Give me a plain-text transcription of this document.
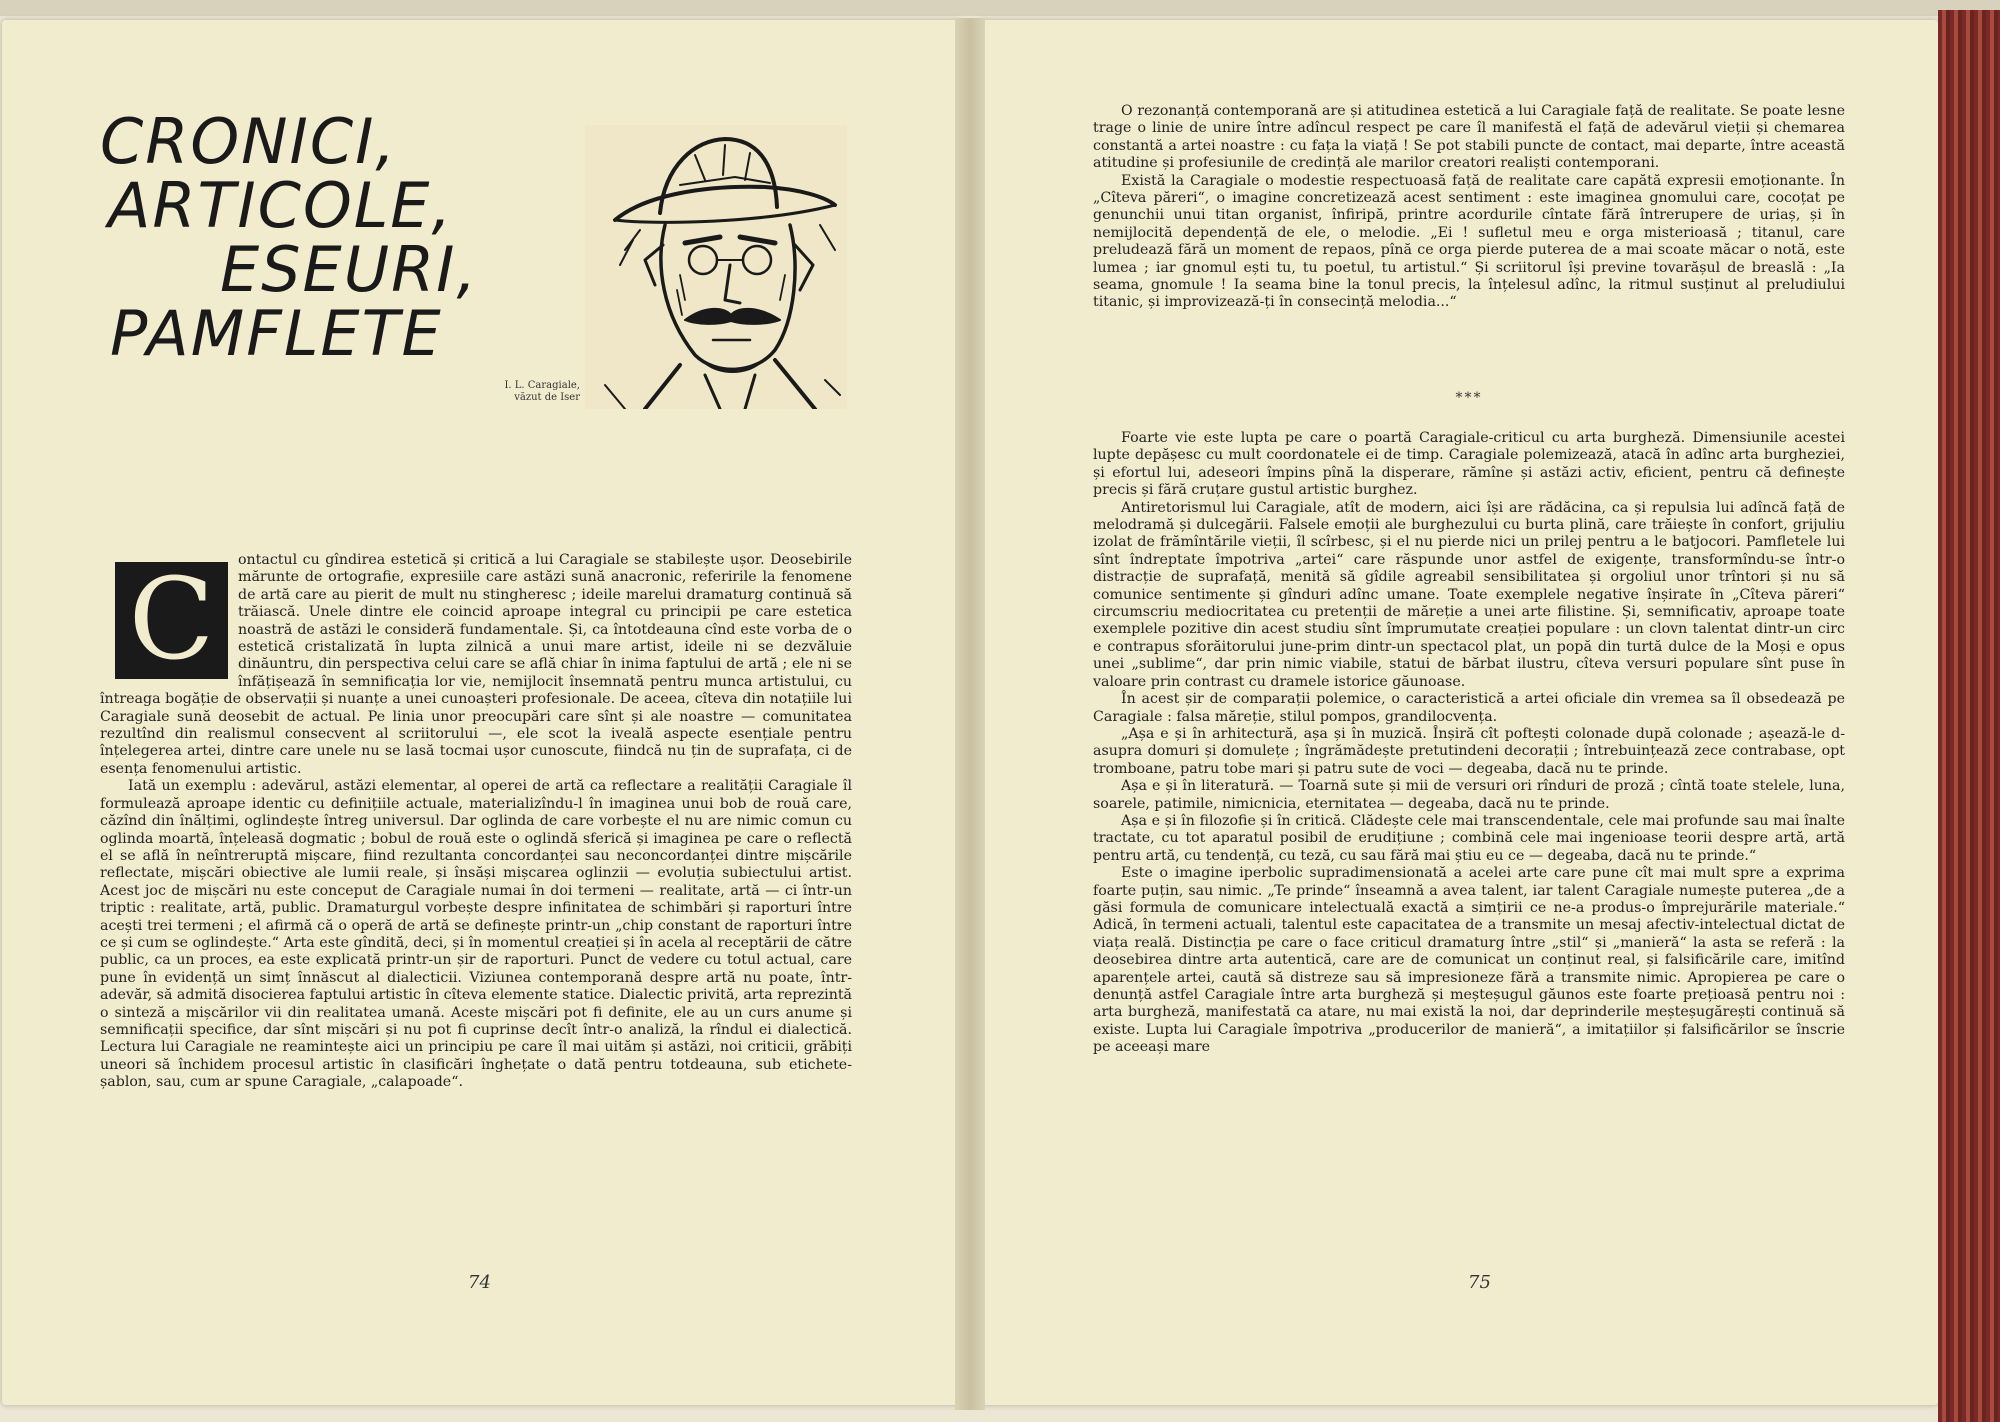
CRONICI,
ARTICOLE,
ESEURI,
PAMFLETE
I. L. Caragiale,
văzut de Iser
C	ontactul cu gîndirea estetică și critică a lui Caragiale se stabilește ușor. Deosebirile mărunte de ortografie, expresiile care astăzi sună anacronic, referirile la fenomene de artă care au pierit de mult nu stingheresc ; ideile marelui dramaturg continuă să trăiască. Unele dintre ele coincid aproape integral cu principii pe care estetica noastră de astăzi le consideră fundamentale. Și, ca întotdeauna cînd este vorba de o estetică cristalizată în lupta zilnică a unui mare artist, ideile ni se dezvăluie dinăuntru, din perspectiva celui care se află chiar în inima faptului de artă ; ele ni se înfățișează în semnificația lor vie, nemijlocit însemnată pentru munca artistului, cu întreaga bogăție de observații și nuanțe a unei cunoașteri profesionale. De aceea, cîteva din notațiile lui Caragiale sună deosebit de actual. Pe linia unor preocupări care sînt și ale noastre — comunitatea rezultînd din realismul consecvent al scriitorului —, ele scot la iveală aspecte esențiale pentru înțelegerea artei, dintre care unele nu se lasă tocmai ușor cunoscute, fiindcă nu țin de suprafața, ci de esența fenomenului artistic.

Iată un exemplu : adevărul, astăzi elementar, al operei de artă ca reflectare a realității Caragiale îl formulează aproape identic cu definițiile actuale, materializîndu-l în imaginea unui bob de rouă care, căzînd din înălțimi, oglindește întreg universul. Dar oglinda de care vorbește el nu are nimic comun cu oglinda moartă, înțeleasă dogmatic ; bobul de rouă este o oglindă sferică și imaginea pe care o reflectă el se află în neîntreruptă mișcare, fiind rezultanta concordanței sau neconcordanței dintre mișcările reflectate, mișcări obiective ale lumii reale, și însăși mișcarea oglinzii — evoluția subiectului artist. Acest joc de mișcări nu este conceput de Caragiale numai în doi termeni — realitate, artă — ci într-un triptic : realitate, artă, public. Dramaturgul vorbește despre infinitatea de schimbări și raporturi între acești trei termeni ; el afirmă că o operă de artă se definește printr-un „chip constant de raporturi între ce și cum se oglindește.“ Arta este gîndită, deci, și în momentul creației și în acela al receptării de către public, ca un proces, ea este explicată printr-un șir de raporturi. Punct de vedere cu totul actual, care pune în evidență un simț înnăscut al dialecticii. Viziunea contemporană despre artă nu poate, într-adevăr, să admită disocierea faptului artistic în cîteva elemente statice. Dialectic privită, arta reprezintă o sinteză a mișcărilor vii din realitatea umană. Aceste mișcări pot fi definite, ele au un curs anume și semnificații specifice, dar sînt mișcări și nu pot fi cuprinse decît într-o analiză, la rîndul ei dialectică. Lectura lui Caragiale ne reamintește aici un principiu pe care îl mai uităm și astăzi, noi criticii, grăbiți uneori să închidem procesul artistic în clasificări înghețate o dată pentru totdeauna, sub etichete-șablon, sau, cum ar spune Caragiale, „calapoade“.

O rezonanță contemporană are și atitudinea estetică a lui Caragiale față de realitate. Se poate lesne trage o linie de unire între adîncul respect pe care îl manifestă el față de adevărul vieții și chemarea constantă a artei noastre : cu fața la viață ! Se pot stabili puncte de contact, mai departe, între această atitudine și profesiunile de credință ale marilor creatori realiști contemporani.

Există la Caragiale o modestie respectuoasă față de realitate care capătă expresii emoționante. În „Cîteva păreri“, o imagine concretizează acest sentiment : este imaginea gnomului care, cocoțat pe genunchii unui titan organist, înfiripă, printre acordurile cîntate fără întrerupere de uriaș, și în nemijlocită dependență de ele, o melodie. „Ei ! sufletul meu e orga misterioasă ; titanul, care preludează fără un moment de repaos, pînă ce orga pierde puterea de a mai scoate măcar o notă, este lumea ; iar gnomul ești tu, tu poetul, tu artistul.“ Și scriitorul își previne tovarășul de breaslă : „Ia seama, gnomule ! Ia seama bine la tonul precis, la înțelesul adînc, la ritmul susținut al preludiului titanic, și improvizează-ți în consecință melodia...“

***

Foarte vie este lupta pe care o poartă Caragiale-criticul cu arta burgheză. Dimensiunile acestei lupte depășesc cu mult coordonatele ei de timp. Caragiale polemizează, atacă în adînc arta burgheziei, și efortul lui, adeseori împins pînă la disperare, rămîne și astăzi activ, eficient, pentru că definește precis și fără cruțare gustul artistic burghez.

Antiretorismul lui Caragiale, atît de modern, aici își are rădăcina, ca și repulsia lui adîncă față de melodramă și dulcegării. Falsele emoții ale burghezului cu burta plină, care trăiește în confort, grijuliu izolat de frămîntările vieții, îl scîrbesc, și el nu pierde nici un prilej pentru a le batjocori. Pamfletele lui sînt îndreptate împotriva „artei“ care răspunde unor astfel de exigențe, transformîndu-se într-o distracție de suprafață, menită să gîdile agreabil sensibilitatea și orgoliul unor trîntori și nu să comunice sentimente și gînduri adînc umane. Toate exemplele negative înșirate în „Cîteva păreri“ circumscriu mediocritatea cu pretenții de măreție a unei arte filistine. Și, semnificativ, aproape toate exemplele pozitive din acest studiu sînt împrumutate creației populare : un clovn talentat dintr-un circ e contrapus sforăitorului june-prim dintr-un spectacol plat, un popă din turtă dulce de la Moși e opus unei „sublime“, dar prin nimic viabile, statui de bărbat ilustru, cîteva versuri populare sînt puse în valoare prin contrast cu dramele istorice găunoase.

În acest șir de comparații polemice, o caracteristică a artei oficiale din vremea sa îl obsedează pe Caragiale : falsa măreție, stilul pompos, grandilocvența.

„Așa e și în arhitectură, așa și în muzică. Înșiră cît poftești colonade după colonade ; așează-le d-asupra domuri și domulețe ; îngrămădește pretutindeni decorații ; întrebuințează zece contrabase, opt tromboane, patru tobe mari și patru sute de voci — degeaba, dacă nu te prinde.

Așa e și în literatură. — Toarnă sute și mii de versuri ori rînduri de proză ; cîntă toate stelele, luna, soarele, patimile, nimicnicia, eternitatea — degeaba, dacă nu te prinde.

Așa e și în filozofie și în critică. Clădește cele mai transcendentale, cele mai profunde sau mai înalte tractate, cu tot aparatul posibil de erudițiune ; combină cele mai ingenioase teorii despre artă, artă pentru artă, cu tendență, cu teză, cu sau fără mai știu eu ce — degeaba, dacă nu te prinde.“

Este o imagine iperbolic supradimensionată a acelei arte care pune cît mai mult spre a exprima foarte puțin, sau nimic. „Te prinde“ înseamnă a avea talent, iar talent Caragiale numește puterea „de a găsi formula de comunicare intelectuală exactă a simțirii ce ne-a produs-o împrejurările materiale.“ Adică, în termeni actuali, talentul este capacitatea de a transmite un mesaj afectiv-intelectual dictat de viața reală. Distincția pe care o face criticul dramaturg între „stil“ și „manieră“ la asta se referă : la deosebirea dintre arta autentică, care are de comunicat un conținut real, și falsificările care, imitînd aparențele artei, caută să distreze sau să impresioneze fără a transmite nimic. Apropierea pe care o denunță astfel Caragiale între arta burgheză și meșteșugul găunos este foarte prețioasă pentru noi : arta burgheză, manifestată ca atare, nu mai există la noi, dar deprinderile meșteșugărești continuă să existe. Lupta lui Caragiale împotriva „producerilor de manieră“, a imitațiilor și falsificărilor se înscrie pe aceeași mare

74	75
